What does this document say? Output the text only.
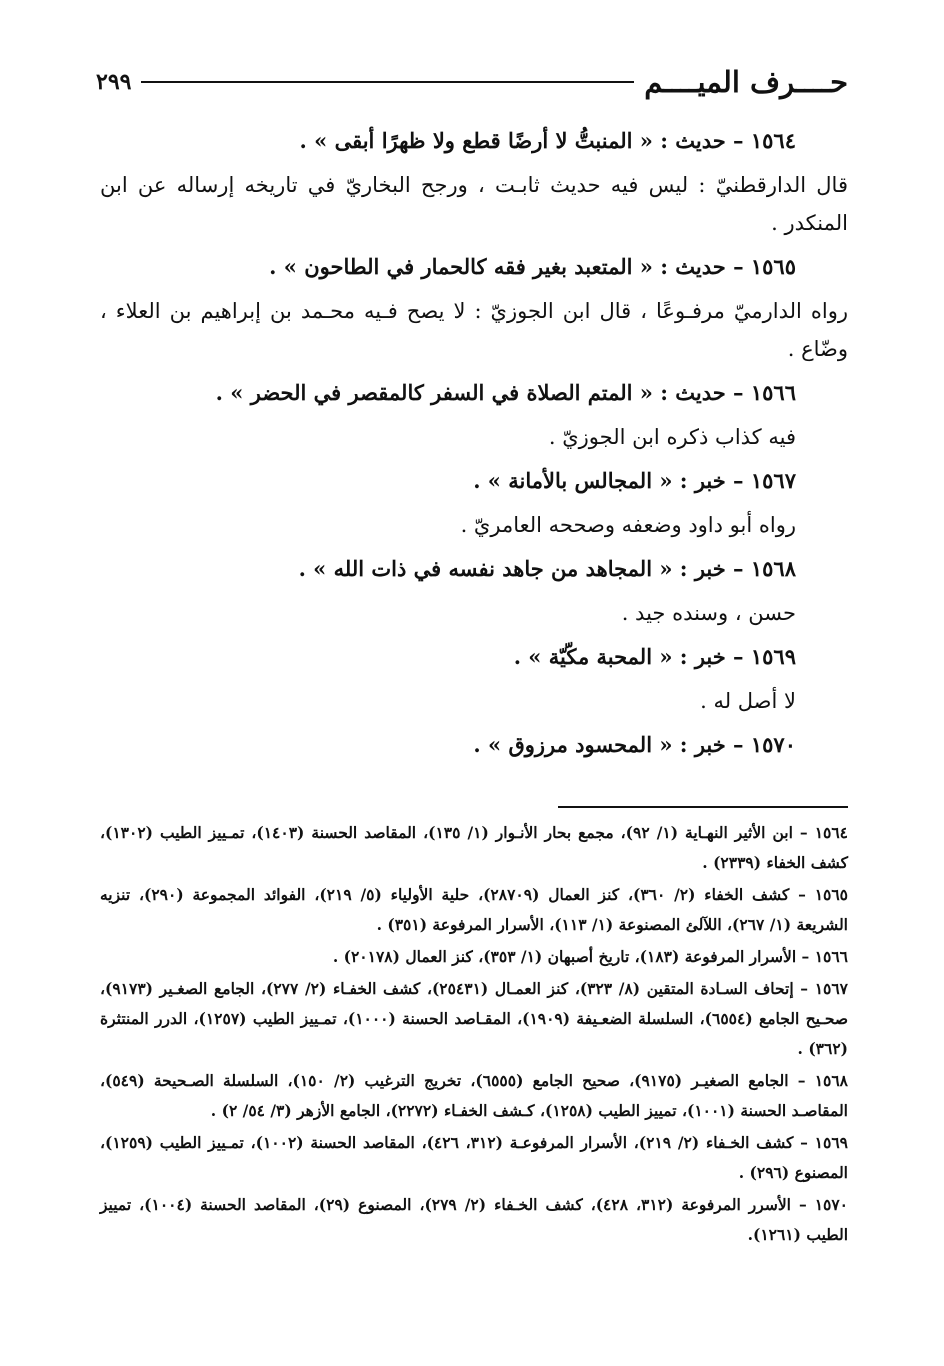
حــــرف الميــــم
٢٩٩

١٥٦٤ – حديث : « المنبتُّ لا أرضًا قطع ولا ظهرًا أبقى » .

قال الدارقطنيّ : ليس فيه حديث ثابـت ، ورجح البخاريّ في تاريخه إرساله عن ابن المنكدر .

١٥٦٥ – حديث : « المتعبد بغير فقه كالحمار في الطاحون » .

رواه الدارميّ مرفـوعًا ، قال ابن الجوزيّ : لا يصح فـيه محـمد بن إبراهيم بن العلاء ، وضّاع .

١٥٦٦ – حديث : « المتم الصلاة في السفر كالمقصر في الحضر » .

فيه كذاب ذكره ابن الجوزيّ .

١٥٦٧ – خبر : « المجالس بالأمانة » .

رواه أبو داود وضعفه وصححه العامريّ .

١٥٦٨ – خبر : « المجاهد من جاهد نفسه في ذات الله » .

حسن ، وسنده جيد .

١٥٦٩ – خبر : « المحبة مكّيّة » .

لا أصل له .

١٥٧٠ – خبر : « المحسود مرزوق » .

١٥٦٤ – ابن الأثير النهـاية (١/ ٩٢)، مجمع بحار الأنـوار (١/ ١٣٥)، المقاصد الحسنة (١٤٠٣)، تمـييز الطيب (١٣٠٢)، كشف الخفاء (٢٣٣٩) .

١٥٦٥ – كشف الخفاء (٢/ ٣٦٠)، كنز العمال (٢٨٧٠٩)، حلية الأولياء (٥/ ٢١٩)، الفوائد المجموعة (٢٩٠)، تنزيه الشريعة (١/ ٢٦٧)، اللآلئ المصنوعة (١/ ١١٣)، الأسرار المرفوعة (٣٥١) .

١٥٦٦ – الأسرار المرفوعة (١٨٣)، تاريخ أصبهان (١/ ٣٥٣)، كنز العمال (٢٠١٧٨) .

١٥٦٧ – إتحاف السـادة المتقين (٨/ ٣٢٣)، كنز العمـال (٢٥٤٣١)، كشف الخفـاء (٢/ ٢٧٧)، الجامع الصغـير (٩١٧٣)، صحـيح الجامع (٦٥٥٤)، السلسلة الضعـيفة (١٩٠٩)، المقـاصد الحسنة (١٠٠٠)، تمـييز الطيب (١٢٥٧)، الدرر المنتثرة (٣٦٢) .

١٥٦٨ – الجامع الصغيـر (٩١٧٥)، صحيح الجامع (٦٥٥٥)، تخريج الترغيب (٢/ ١٥٠)، السلسلة الصـحيحة (٥٤٩)، المقاصـد الحسنة (١٠٠١)، تمييز الطيب (١٢٥٨)، كـشف الخفـاء (٢٢٧٢)، الجامع الأزهر (٣/ ٥٤/ ٢) .

١٥٦٩ – كشف الخـفاء (٢/ ٢١٩)، الأسرار المرفوعـة (٣١٢، ٤٢٦)، المقاصد الحسنة (١٠٠٢)، تمـييز الطيب (١٢٥٩)، المصنوع (٢٩٦) .

١٥٧٠ – الأسرر المرفوعة (٣١٢، ٤٢٨)، كشف الخـفاء (٢/ ٢٧٩)، المصنوع (٢٩)، المقاصد الحسنة (١٠٠٤)، تمييز الطيب (١٢٦١).
